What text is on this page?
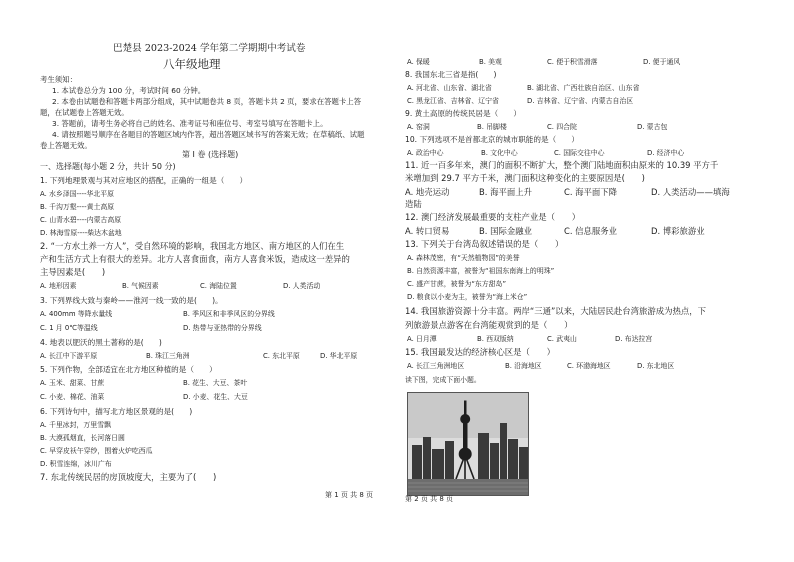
巴楚县 2023-2024 学年第二学期期中考试卷
八年级地理
考生须知：
1. 本试卷总分为 100 分，考试时间 60 分钟。
2. 本卷由试题卷和答题卡两部分组成，其中试题卷共 8 页，答题卡共 2 页，要求在答题卡上答
题，在试题卷上答题无效。
3. 答题前，请考生务必将自己的姓名、准考证号和座位号、考室号填写在答题卡上。
4. 请按照题号顺序在各题目的答题区域内作答，超出答题区域书写的答案无效；在草稿纸、试题
卷上答题无效。
第 I 卷 (选择题)
一、选择题(每小题 2 分，共计 50 分)
1. 下列地理景观与其对应地区的搭配，正确的一组是（　　）
A. 水乡泽国----华北平原
B. 千沟万壑----黄土高原
C. 山青水碧----内蒙古高原
D. 林海雪原----柴达木盆地
2. “一方水土养一方人”，受自然环境的影响，我国北方地区、南方地区的人们在生
产和生活方式上有很大的差异。北方人喜食面食，南方人喜食米饭，造成这一差异的
主导因素是(　　)
A. 地形因素	B. 气候因素	C. 海陆位置	D. 人类活动
3. 下列界线大致与秦岭——淮河一线一致的是(　　)。
A. 400mm 等降水量线	B. 季风区和非季风区的分界线
C. 1 月 0℃等温线	D. 热带与亚热带的分界线
4. 地表以肥沃的黑土著称的是(　　)
A. 长江中下游平原	B. 珠江三角洲	C. 东北平原	D. 华北平原
5. 下列作物，全部适宜在北方地区种植的是（　　）
A. 玉米、甜菜、甘蔗	B. 花生、大豆、茶叶
C. 小麦、棉花、油菜	D. 小麦、花生、大豆
6. 下列诗句中，描写北方地区景观的是(　　)
A. 千里冰封，万里雪飘
B. 大漠孤烟直，长河落日圆
C. 早穿皮袄午穿纱，围着火炉吃西瓜
D. 积雪连绵，冰川广布
7. 东北传统民居的房顶坡度大，主要为了(　　)
第 1 页 共 8 页
A. 保暖	B. 美观	C. 便于积雪滑落	D. 便于通风
8. 我国东北三省是指(　　)
A. 河北省、山东省、湖北省	B. 湖北省、广西壮族自治区、山东省
C. 黑龙江省、吉林省、辽宁省	D. 吉林省、辽宁省、内蒙古自治区
9. 黄土高原的传统民居是（　　）
A. 窑洞	B. 吊脚楼	C. 四合院	D. 蒙古包
10. 下列选项不是首都北京的城市职能的是（　　）
A. 政治中心	B. 文化中心	C. 国际交往中心	D. 经济中心
11. 近一百多年来，澳门的面积不断扩大，整个澳门陆地面积由原来的 10.39 平方千
米增加到 29.7 平方千米，澳门面积这种变化的主要原因是(　　)
A. 地壳运动	B. 海平面上升	C. 海平面下降	D. 人类活动——填海
造陆
12. 澳门经济发展最重要的支柱产业是（　　）
A. 转口贸易	B. 国际金融业	C. 信息服务业	D. 博彩旅游业
13. 下列关于台湾岛叙述错误的是（　　）
A. 森林茂密，有“天然植物园”的美誉
B. 自然资源丰富，被誉为“祖国东南海上的明珠”
C. 盛产甘蔗，被誉为“东方甜岛”
D. 粮食以小麦为主，被誉为“海上米仓”
14. 我国旅游资源十分丰富。两岸“三通”以来，大陆居民赴台湾旅游成为热点，下
列旅游景点游客在台湾能观赏到的是（　　）
A. 日月潭	B. 西双版纳	C. 武夷山	D. 布达拉宫
15. 我国最发达的经济核心区是（　　）
A. 长江三角洲地区	B. 沿海地区	C. 环渤海地区	D. 东北地区
读下图，完成下面小题。
第 2 页 共 8 页
